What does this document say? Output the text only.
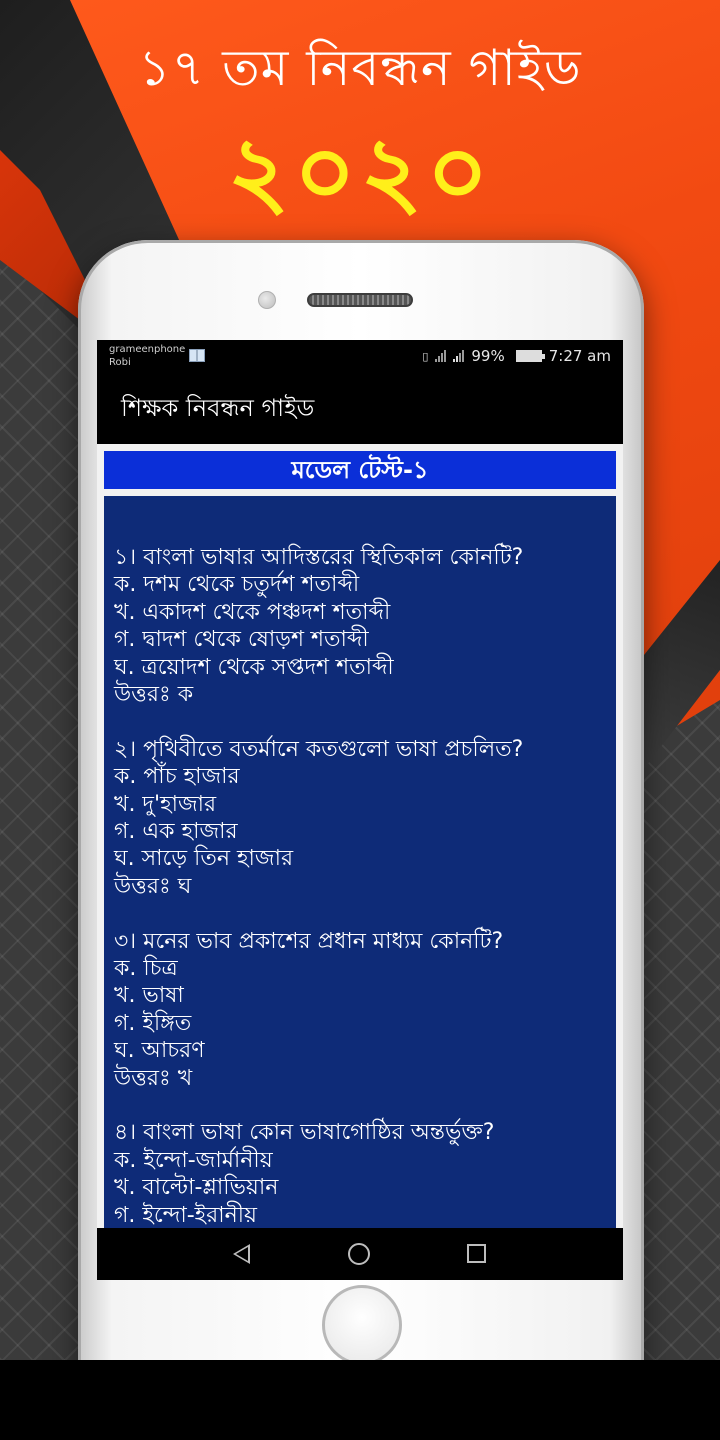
১৭ তম নিবন্ধন গাইড
২০২০
grameenphone
Robi	▯	99%	7:27 am
শিক্ষক নিবন্ধন গাইড
মডেল টেস্ট-১
১। বাংলা ভাষার আদিস্তরের স্থিতিকাল কোনটি?
ক. দশম থেকে চতুর্দশ শতাব্দী
খ. একাদশ থেকে পঞ্চদশ শতাব্দী
গ. দ্বাদশ থেকে ষোড়শ শতাব্দী
ঘ. ত্রয়োদশ থেকে সপ্তদশ শতাব্দী
উত্তরঃ ক
২। পৃথিবীতে বতর্মানে কতগুলো ভাষা প্রচলিত?
ক. পাঁচ হাজার
খ. দু'হাজার
গ. এক হাজার
ঘ. সাড়ে তিন হাজার
উত্তরঃ ঘ
৩। মনের ভাব প্রকাশের প্রধান মাধ্যম কোনটি?
ক. চিত্র
খ. ভাষা
গ. ইঙ্গিত
ঘ. আচরণ
উত্তরঃ খ
৪। বাংলা ভাষা কোন ভাষাগোষ্ঠির অন্তর্ভুক্ত?
ক. ইন্দো-জার্মানীয়
খ. বাল্টো-শ্লাভিয়ান
গ. ইন্দো-ইরানীয়
